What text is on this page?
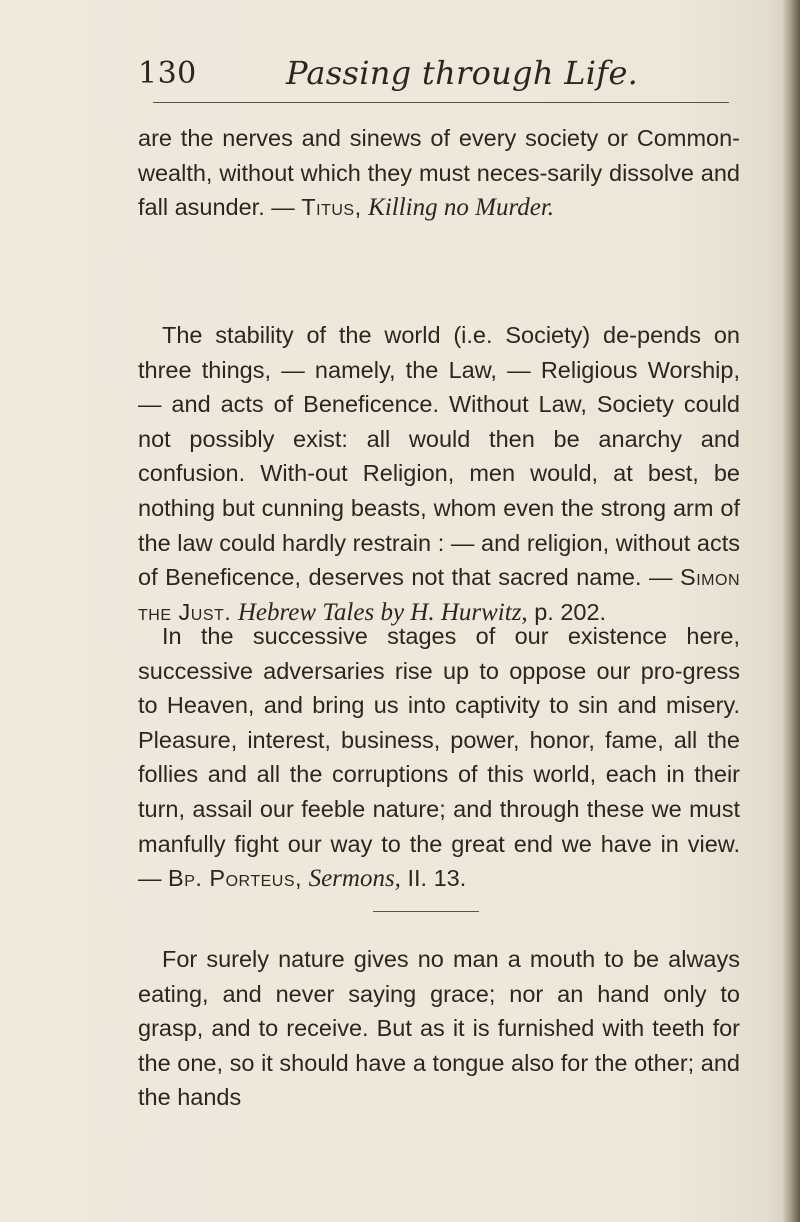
130	Passing through Life.

are the nerves and sinews of every society or Common-wealth, without which they must neces-sarily dissolve and fall asunder. — Titus, Killing no Murder.

The stability of the world (i.e. Society) de-pends on three things, — namely, the Law, — Religious Worship, — and acts of Beneficence. Without Law, Society could not possibly exist: all would then be anarchy and confusion. With-out Religion, men would, at best, be nothing but cunning beasts, whom even the strong arm of the law could hardly restrain : — and religion, without acts of Beneficence, deserves not that sacred name. — Simon the Just. Hebrew Tales by H. Hurwitz, p. 202.

In the successive stages of our existence here, successive adversaries rise up to oppose our pro-gress to Heaven, and bring us into captivity to sin and misery. Pleasure, interest, business, power, honor, fame, all the follies and all the corruptions of this world, each in their turn, assail our feeble nature; and through these we must manfully fight our way to the great end we have in view. — Bp. Porteus, Sermons, II. 13.

For surely nature gives no man a mouth to be always eating, and never saying grace; nor an hand only to grasp, and to receive. But as it is furnished with teeth for the one, so it should have a tongue also for the other; and the hands
